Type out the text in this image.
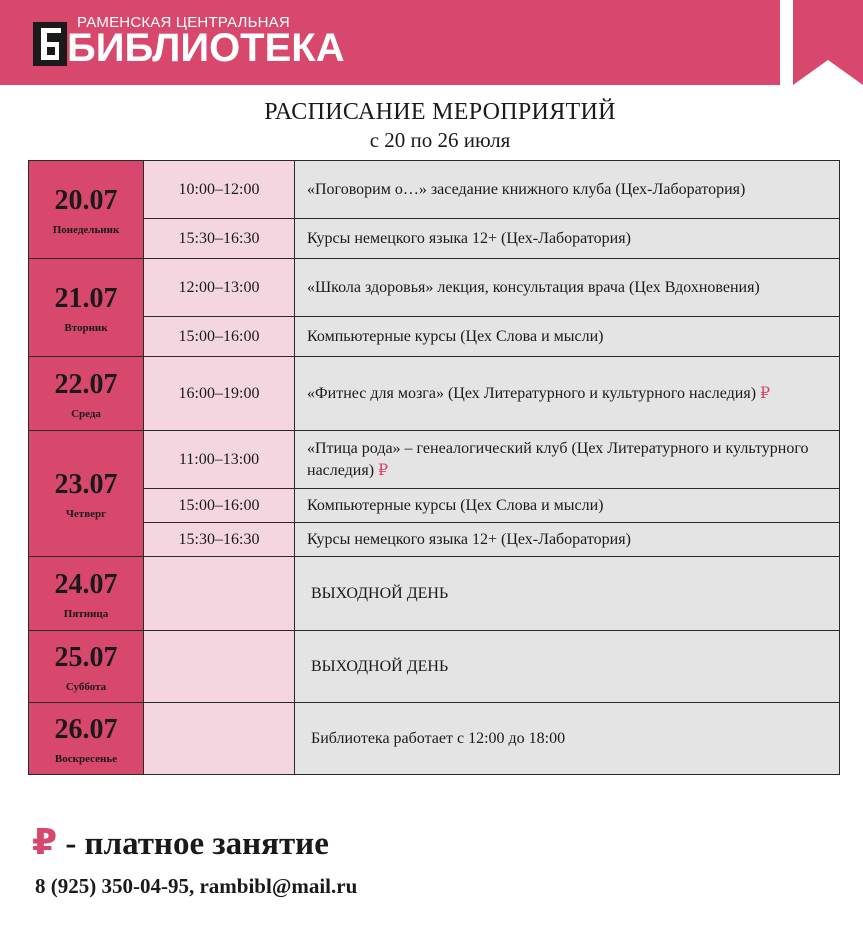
РАМЕНСКАЯ ЦЕНТРАЛЬНАЯ
БИБЛИОТЕКА
РАСПИСАНИЕ МЕРОПРИЯТИЙ
с 20 по 26 июля
20.07
Понедельник	10:00–12:00	«Поговорим о…» заседание книжного клуба (Цех-Лаборатория)
	15:30–16:30	Курсы немецкого языка 12+ (Цех-Лаборатория)

21.07
Вторник	12:00–13:00	«Школа здоровья» лекция, консультация врача (Цех Вдохновения)
	15:00–16:00	Компьютерные курсы (Цех Слова и мысли)

22.07
Среда	16:00–19:00	«Фитнес для мозга» (Цех Литературного и культурного наследия) ₽

23.07
Четверг	11:00–13:00	«Птица рода» – генеалогический клуб (Цех Литературного и культурного наследия) ₽
	15:00–16:00	Компьютерные курсы (Цех Слова и мысли)
	15:30–16:30	Курсы немецкого языка 12+ (Цех-Лаборатория)

24.07
Пятница		ВЫХОДНОЙ ДЕНЬ

25.07
Суббота		ВЫХОДНОЙ ДЕНЬ

26.07
Воскресенье		Библиотека работает с 12:00 до 18:00
₽ - платное занятие
8 (925) 350-04-95, rambibl@mail.ru
